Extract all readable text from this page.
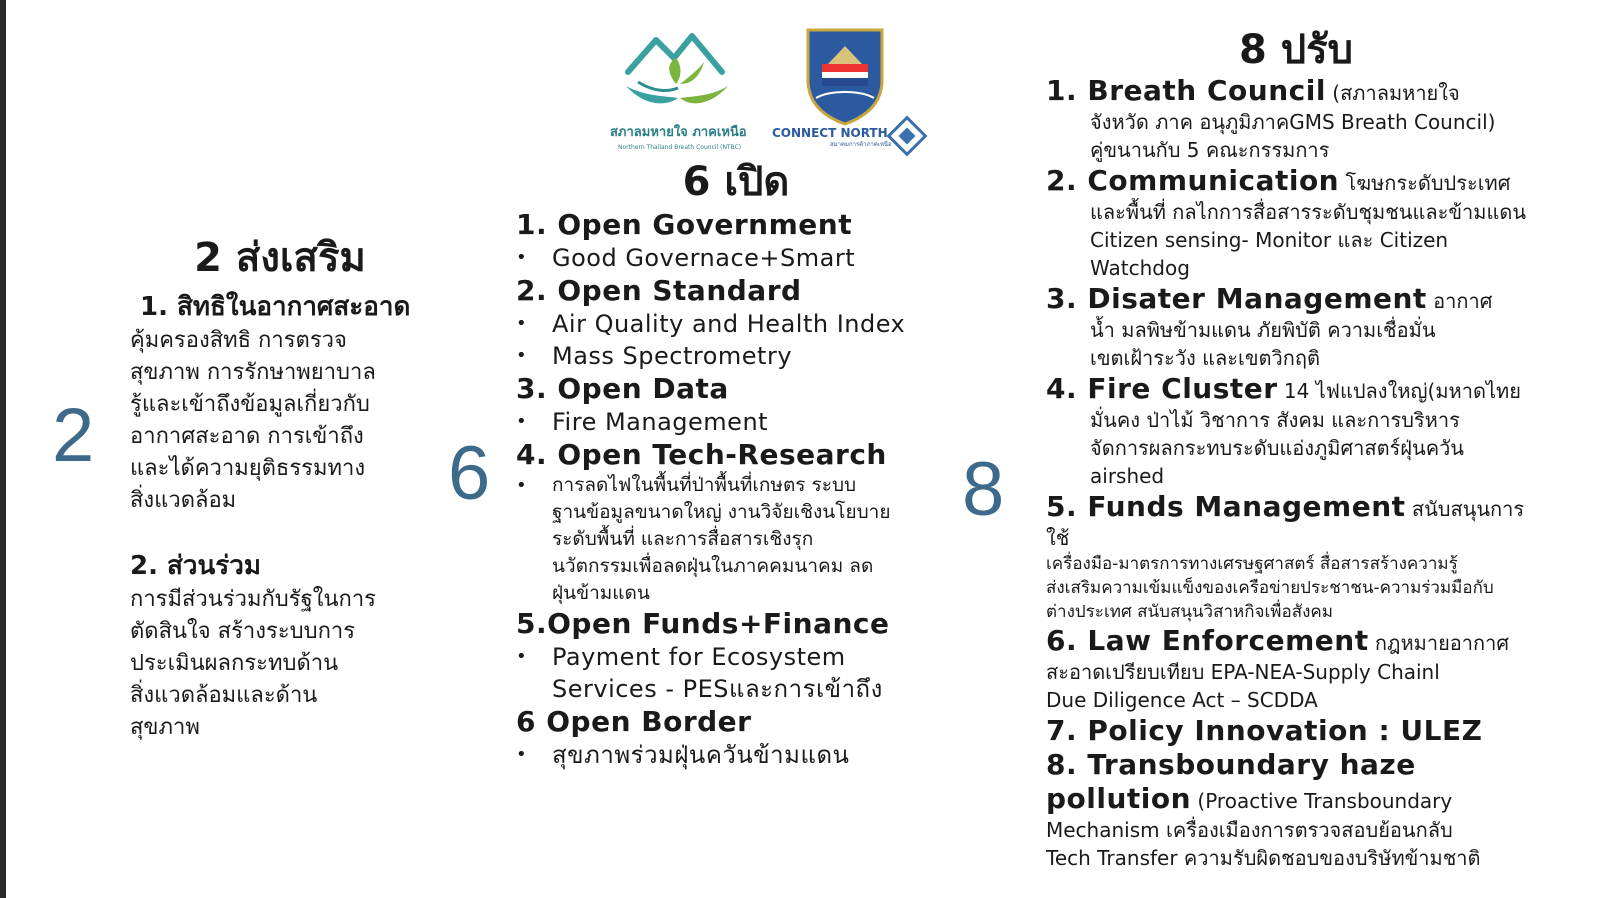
2	6	8
สภาลมหายใจ ภาคเหนือ
Northern Thailand Breath Council (NTBC)
CONNECT NORTH
สมาคมการค้าภาคเหนือ
2 ส่งเสริม
1. สิทธิในอากาศสะอาด
คุ้มครองสิทธิ การตรวจ
สุขภาพ การรักษาพยาบาล
รู้และเข้าถึงข้อมูลเกี่ยวกับ
อากาศสะอาด การเข้าถึง
และได้ความยุติธรรมทาง
สิ่งแวดล้อม
2. ส่วนร่วม
การมีส่วนร่วมกับรัฐในการ
ตัดสินใจ สร้างระบบการ
ประเมินผลกระทบด้าน
สิ่งแวดล้อมและด้าน
สุขภาพ
6 เปิด
1. Open Government
• Good Governace+Smart
2. Open Standard
• Air Quality and Health Index
• Mass Spectrometry
3. Open Data
• Fire Management
4. Open Tech-Research
• การลดไฟในพื้นที่ป่าพื้นที่เกษตร ระบบ
ฐานข้อมูลขนาดใหญ่ งานวิจัยเชิงนโยบาย
ระดับพื้นที่ และการสื่อสารเชิงรุก
นวัตกรรมเพื่อลดฝุ่นในภาคคมนาคม ลด
ฝุ่นข้ามแดน
5.Open Funds+Finance
• Payment for Ecosystem
Services - PESและการเข้าถึง
6 Open Border
• สุขภาพร่วมฝุ่นควันข้ามแดน
8 ปรับ
1. Breath Council (สภาลมหายใจ
จังหวัด ภาค อนุภูมิภาคGMS Breath Council)
คู่ขนานกับ 5 คณะกรรมการ
2. Communication โฆษกระดับประเทศ
และพื้นที่ กลไกการสื่อสารระดับชุมชนและข้ามแดน
Citizen sensing- Monitor และ Citizen
Watchdog
3. Disater Management อากาศ
น้ำ มลพิษข้ามแดน ภัยพิบัติ ความเชื่อมั่น
เขตเฝ้าระวัง และเขตวิกฤติ
4. Fire Cluster 14 ไฟแปลงใหญ่(มหาดไทย
มั่นคง ป่าไม้ วิชาการ สังคม และการบริหาร
จัดการผลกระทบระดับแอ่งภูมิศาสตร์ฝุ่นควัน
airshed
5. Funds Management สนับสนุนการใช้
เครื่องมือ-มาตรการทางเศรษฐศาสตร์ สื่อสารสร้างความรู้
ส่งเสริมความเข้มแข็งของเครือข่ายประชาชน-ความร่วมมือกับ
ต่างประเทศ สนับสนุนวิสาหกิจเพื่อสังคม
6. Law Enforcement กฎหมายอากาศ
สะอาดเปรียบเทียบ EPA-NEA-Supply Chainl
Due Diligence Act – SCDDA
7. Policy Innovation : ULEZ
8. Transboundary haze
pollution (Proactive Transboundary
Mechanism เครื่องเมืองการตรวจสอบย้อนกลับ
Tech Transfer ความรับผิดชอบของบริษัทข้ามชาติ
